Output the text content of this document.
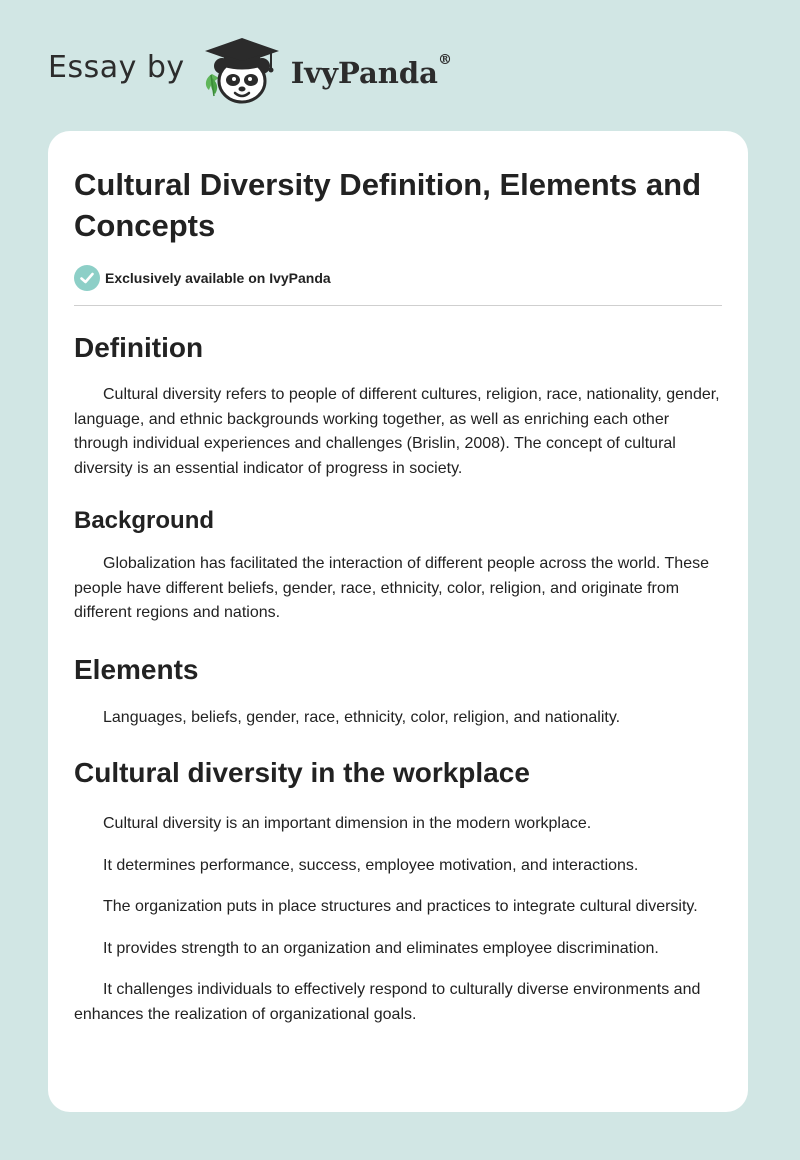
Essay by	IvyPanda®
Cultural Diversity Definition, Elements and Concepts
Exclusively available on IvyPanda
Definition

Cultural diversity refers to people of different cultures, religion, race, nationality, gender, language, and ethnic backgrounds working together, as well as enriching each other through individual experiences and challenges (Brislin, 2008). The concept of cultural diversity is an essential indicator of progress in society.

Background

Globalization has facilitated the interaction of different people across the world. These people have different beliefs, gender, race, ethnicity, color, religion, and originate from different regions and nations.

Elements

Languages, beliefs, gender, race, ethnicity, color, religion, and nationality.

Cultural diversity in the workplace

Cultural diversity is an important dimension in the modern workplace.

It determines performance, success, employee motivation, and interactions.

The organization puts in place structures and practices to integrate cultural diversity.

It provides strength to an organization and eliminates employee discrimination.

It challenges individuals to effectively respond to culturally diverse environments and enhances the realization of organizational goals.
